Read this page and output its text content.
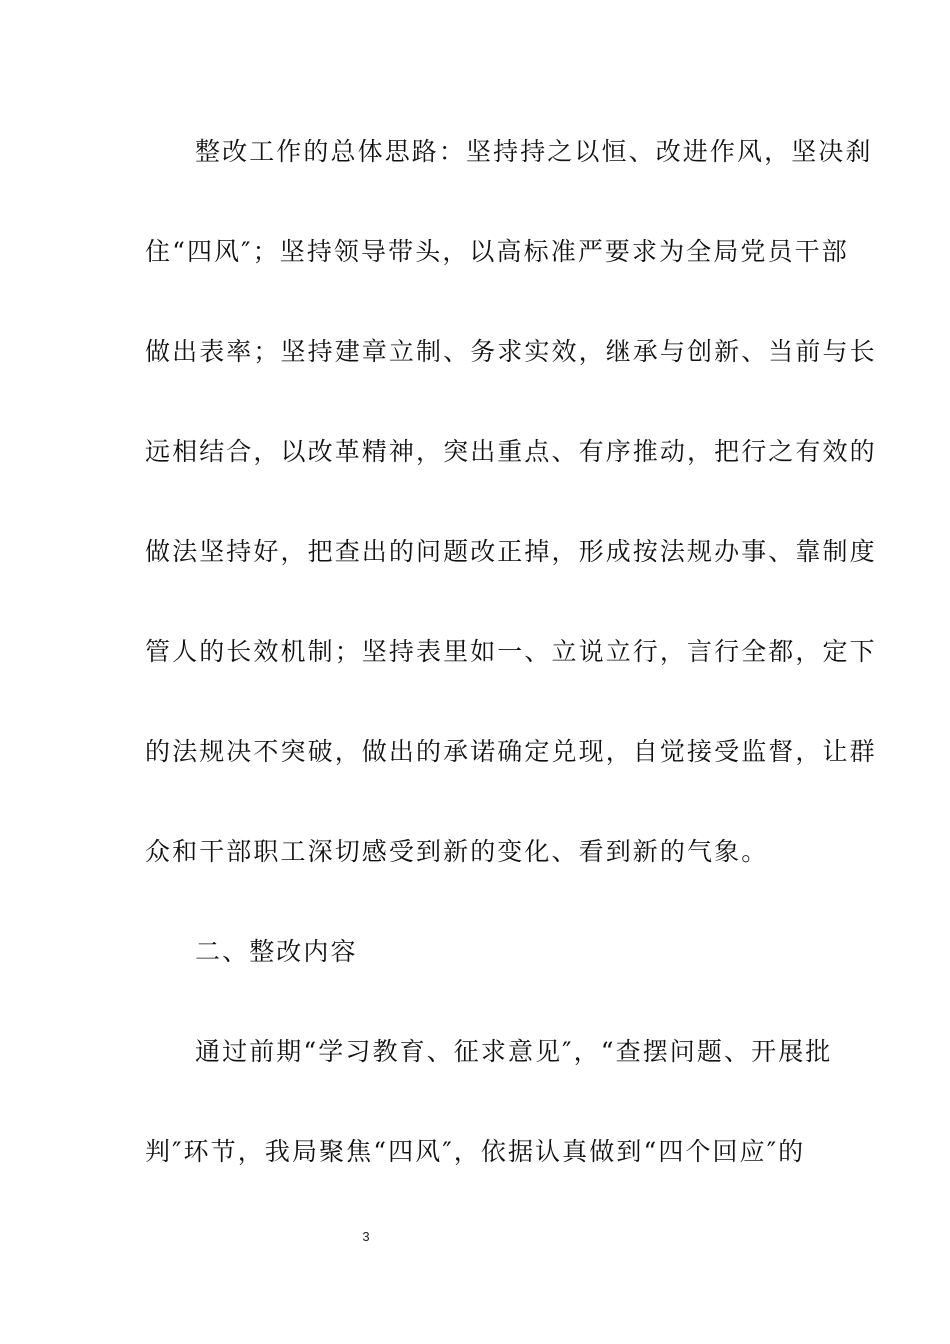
整改工作的总体思路：坚持持之以恒、改进作风，坚决刹
住“四风″；坚持领导带头，以高标准严要求为全局党员干部
做出表率；坚持建章立制、务求实效，继承与创新、当前与长
远相结合，以改革精神，突出重点、有序推动，把行之有效的
做法坚持好，把查出的问题改正掉，形成按法规办事、靠制度
管人的长效机制；坚持表里如一、立说立行，言行全都，定下
的法规决不突破，做出的承诺确定兑现，自觉接受监督，让群
众和干部职工深切感受到新的变化、看到新的气象。
二、整改内容
通过前期“学习教育、征求意见″，“查摆问题、开展批
判″环节，我局聚焦“四风″，依据认真做到“四个回应″的
3
